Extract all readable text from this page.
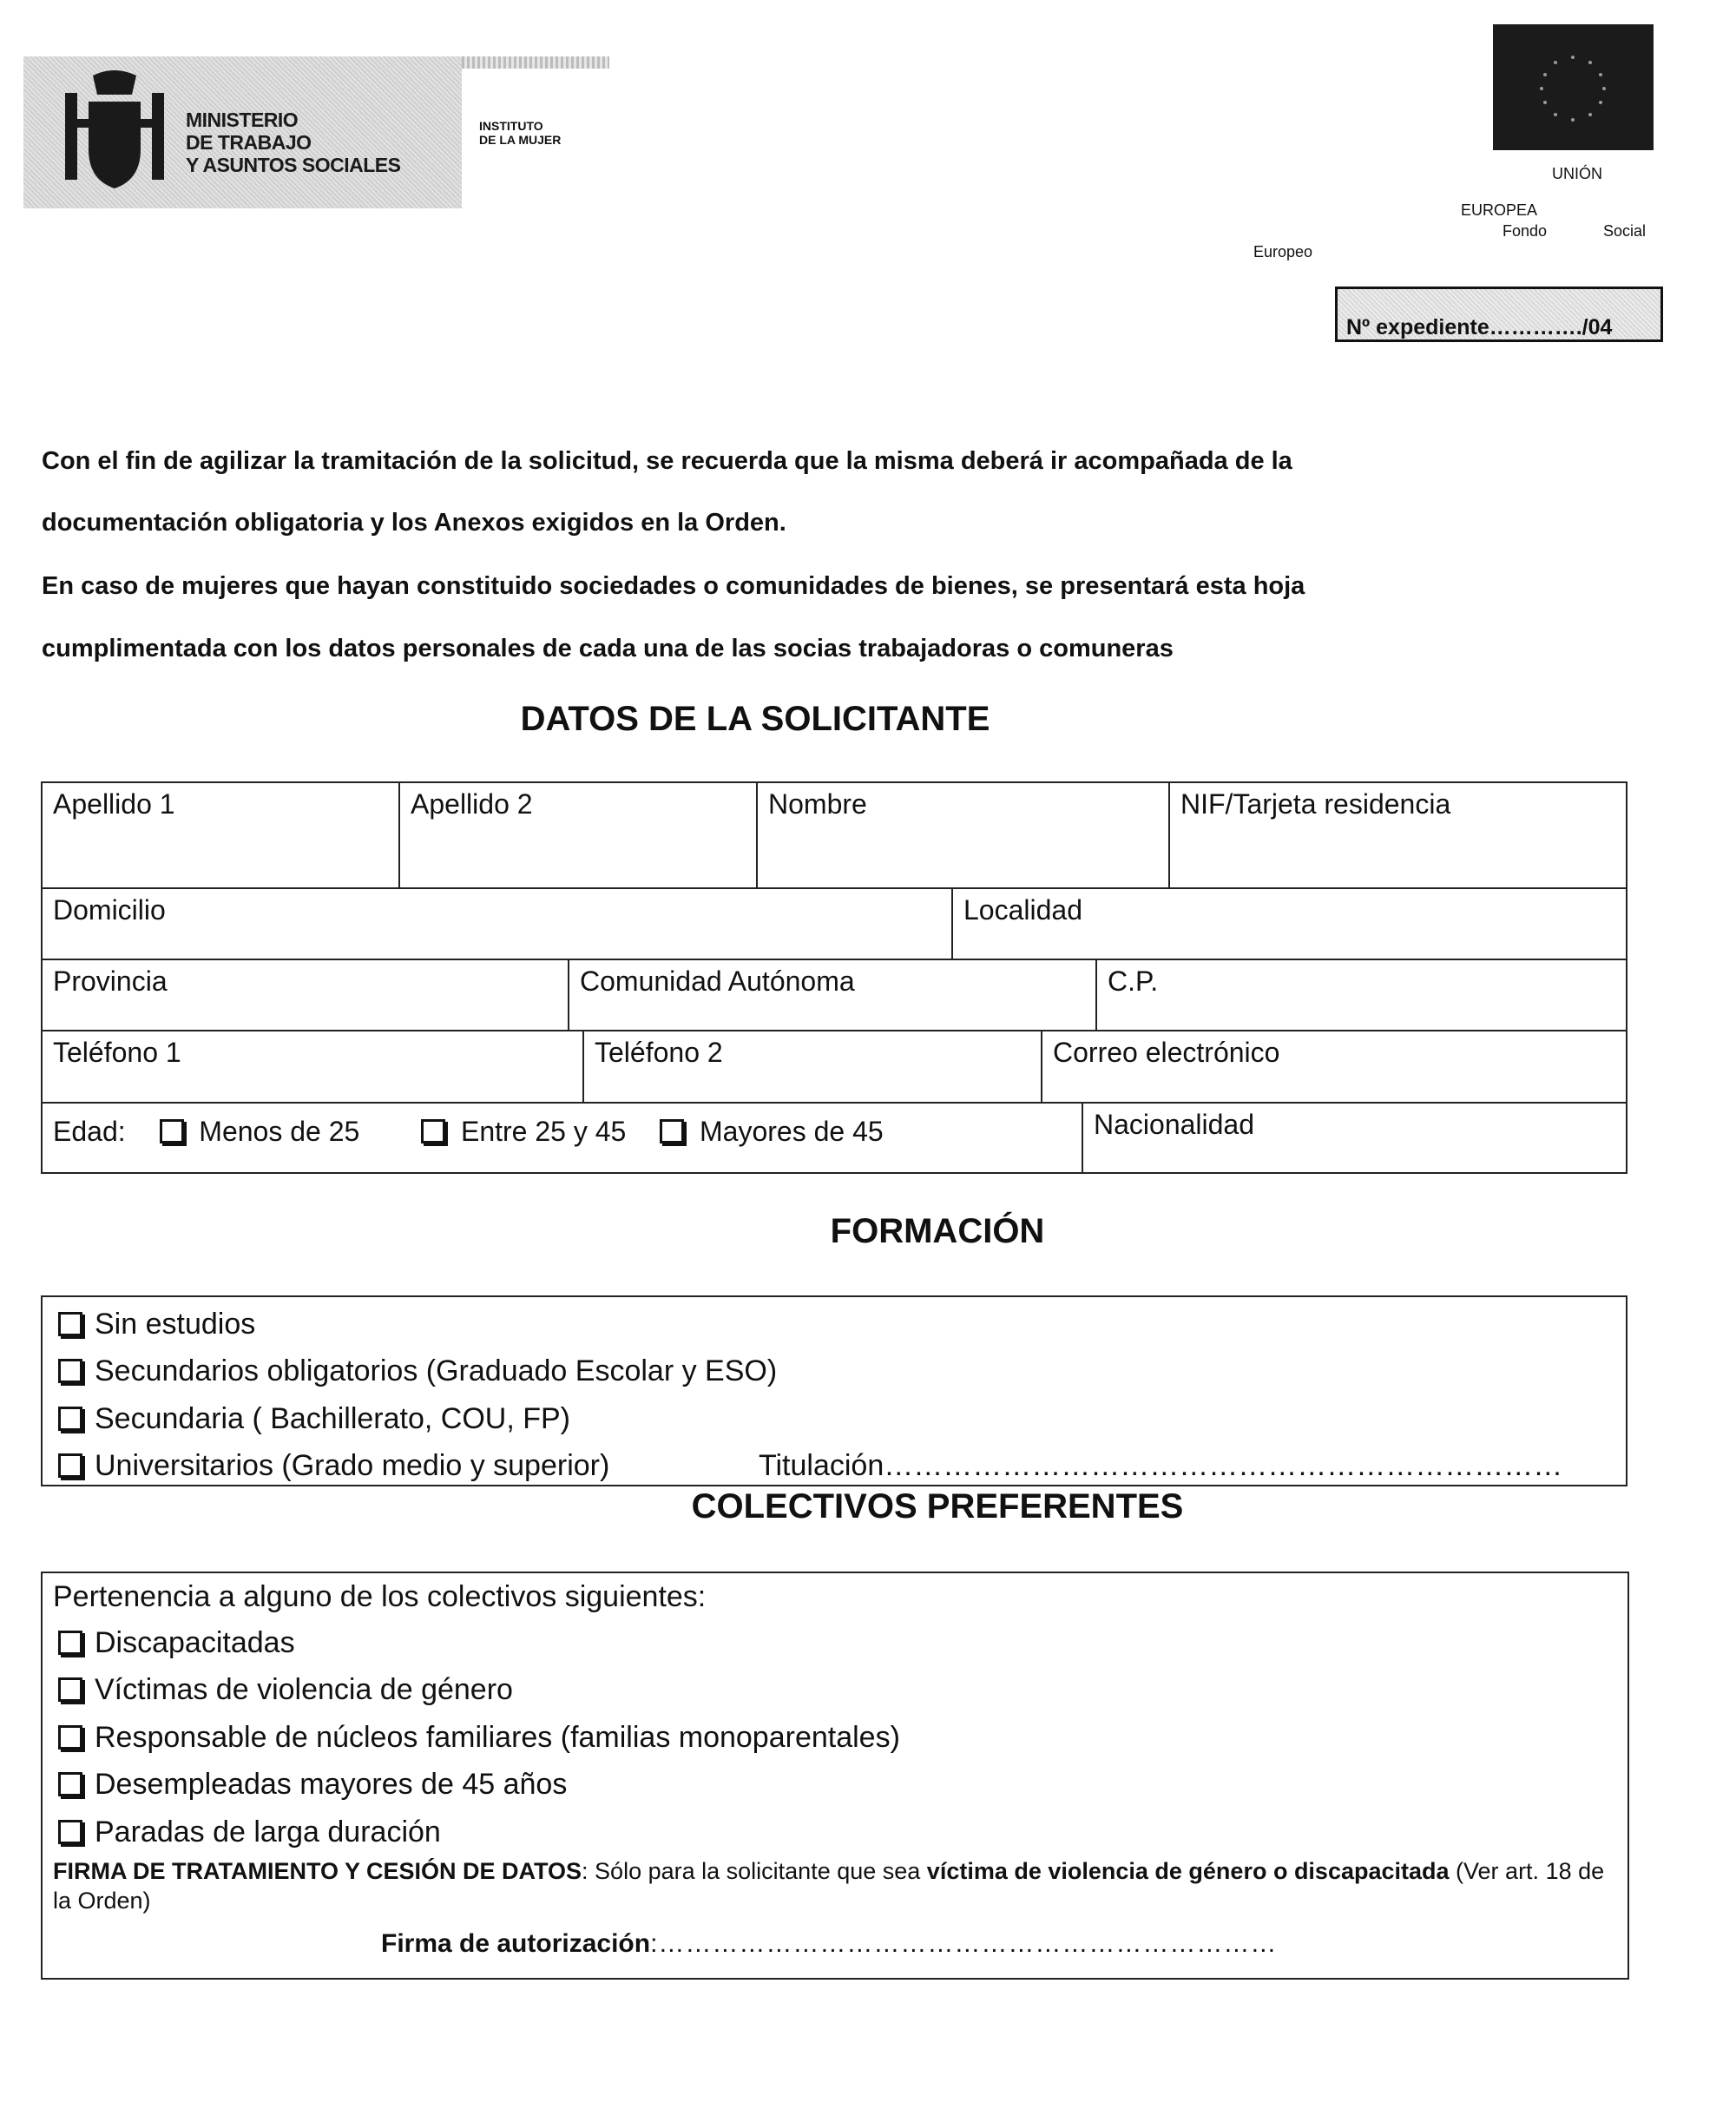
MINISTERIO
DE TRABAJO
Y ASUNTOS SOCIALES
INSTITUTO
DE LA MUJER
UNIÓN
EUROPEA
Fondo	Social
Europeo
Nº expediente…………./04
Con el fin de agilizar la tramitación de la solicitud, se recuerda que la misma deberá ir acompañada de la
documentación obligatoria y los Anexos exigidos en la Orden.
En caso de mujeres que hayan constituido sociedades o comunidades de bienes, se presentará esta hoja
cumplimentada con los datos personales de cada una de las socias trabajadoras o comuneras
DATOS DE LA SOLICITANTE
Apellido 1	Apellido 2	Nombre	NIF/Tarjeta residencia
Domicilio	Localidad
Provincia	Comunidad Autónoma	C.P.
Teléfono 1	Teléfono 2	Correo electrónico
Edad:	Menos de 25	Entre 25 y 45	Mayores de 45	Nacionalidad
FORMACIÓN
Sin estudios
Secundarios obligatorios (Graduado Escolar y ESO)
Secundaria ( Bachillerato, COU, FP)
Universitarios (Grado medio y superior)	Titulación……………………………………………………………
COLECTIVOS PREFERENTES
Pertenencia a alguno de los colectivos siguientes:
Discapacitadas
Víctimas de violencia de género
Responsable de núcleos familiares (familias monoparentales)
Desempleadas mayores de 45 años
Paradas de larga duración
FIRMA DE TRATAMIENTO Y CESIÓN DE DATOS: Sólo para la solicitante que sea víctima de violencia de género o discapacitada (Ver art. 18 de la Orden)
Firma de autorización:……………………………………………………………
